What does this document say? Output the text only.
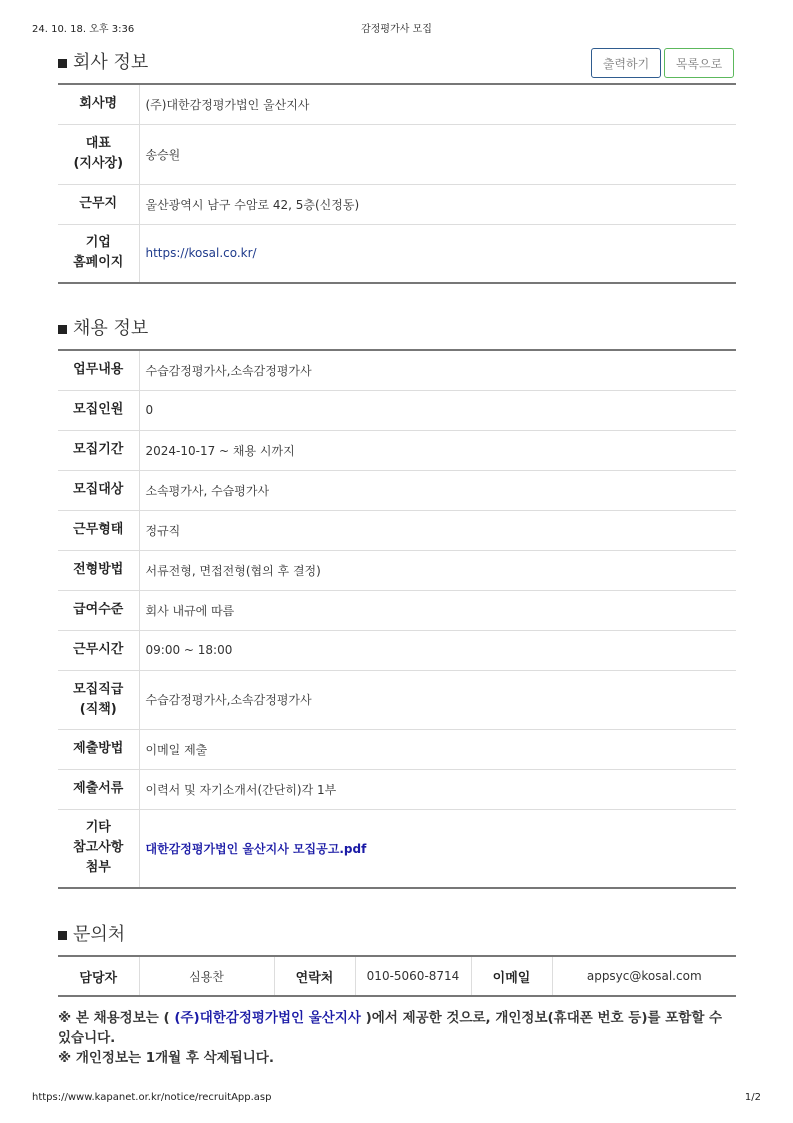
24. 10. 18. 오후 3:36	감정평가사 모집
회사 정보	출력하기	목록으로
회사명	(주)대한감정평가법인 울산지사
대표
(지사장)	송승원
근무지	울산광역시 남구 수암로 42, 5층(신정동)
기업
홈페이지	https://kosal.co.kr/
채용 정보
업무내용	수습감정평가사,소속감정평가사
모집인원	0
모집기간	2024-10-17 ~ 채용 시까지
모집대상	소속평가사, 수습평가사
근무형태	정규직
전형방법	서류전형, 면접전형(협의 후 결정)
급여수준	회사 내규에 따름
근무시간	09:00 ~ 18:00
모집직급
(직책)	수습감정평가사,소속감정평가사
제출방법	이메일 제출
제출서류	이력서 및 자기소개서(간단히)각 1부
기타
참고사항
첨부	대한감정평가법인 울산지사 모집공고.pdf
문의처
담당자	심용찬	연락처	010-5060-8714	이메일	appsyc@kosal.com
※ 본 채용정보는 ( (주)대한감정평가법인 울산지사 )에서 제공한 것으로, 개인정보(휴대폰 번호 등)를 포함할 수 있습니다.
※ 개인정보는 1개월 후 삭제됩니다.
https://www.kapanet.or.kr/notice/recruitApp.asp	1/2
